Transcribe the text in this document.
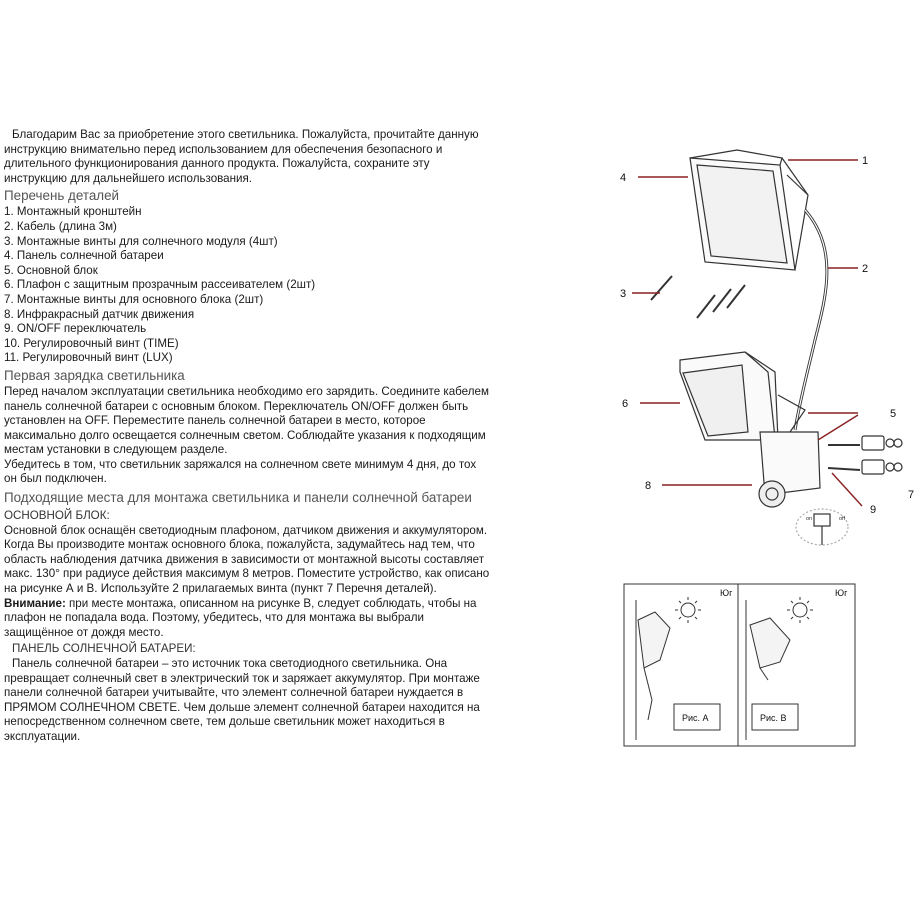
Благодарим Вас за приобретение этого светильника. Пожалуйста, прочитайте данную инструкцию внимательно перед использованием для обеспечения безопасного и длительного функционирования данного продукта. Пожалуйста, сохраните эту инструкцию для дальнейшего использования.

Перечень деталей
1. Монтажный кронштейн
2. Кабель (длина 3м)
3. Монтажные винты для солнечного модуля (4шт)
4. Панель солнечной батареи
5. Основной блок
6. Плафон с защитным прозрачным рассеивателем (2шт)
7. Монтажные винты для основного блока (2шт)
8. Инфракрасный датчик движения
9. ON/OFF переключатель
10. Регулировочный винт (TIME)
11. Регулировочный винт (LUX)
Первая зарядка светильника

Перед началом эксплуатации светильника необходимо его зарядить. Соедините кабелем панель солнечной батареи с основным блоком. Переключатель ON/OFF должен быть установлен на OFF. Переместите панель солнечной батареи в место, которое максимально долго освещается солнечным светом. Соблюдайте указания к подходящим местам установки в следующем разделе.

Убедитесь в том, что светильник заряжался на солнечном свете минимум 4 дня, до тох он был подключен.

Подходящие места для монтажа светильника и панели солнечной батареи
ОСНОВНОЙ БЛОК:

Основной блок оснащён светодиодным плафоном, датчиком движения и аккумулятором. Когда Вы производите монтаж основного блока, пожалуйста, задумайтесь над тем, что область наблюдения датчика движения в зависимости от монтажной высоты составляет макс. 130° при радиусе действия максимум 8 метров. Поместите устройство, как описано на рисунке А и В. Используйте 2 прилагаемых винта (пункт 7 Перечня деталей).

Внимание: при месте монтажа, описанном на рисунке В, следует соблюдать, чтобы на плафон не попадала вода. Поэтому, убедитесь, что для монтажа вы выбрали защищённое от дождя место.

ПАНЕЛЬ СОЛНЕЧНОЙ БАТАРЕИ:

Панель солнечной батареи – это источник тока светодиодного светильника. Она превращает солнечный свет в электрический ток и заряжает аккумулятор. При монтаже панели солнечной батареи учитывайте, что элемент солнечной батареи нуждается в ПРЯМОМ СОЛНЕЧНОМ СВЕТЕ. Чем дольше элемент солнечной батареи находится на непосредственном солнечном свете, тем дольше светильник может находиться в эксплуатации.

on	off
1
2
3
4
5
6
7
8
9
Юг	Юг
Рис. А	Рис. В
